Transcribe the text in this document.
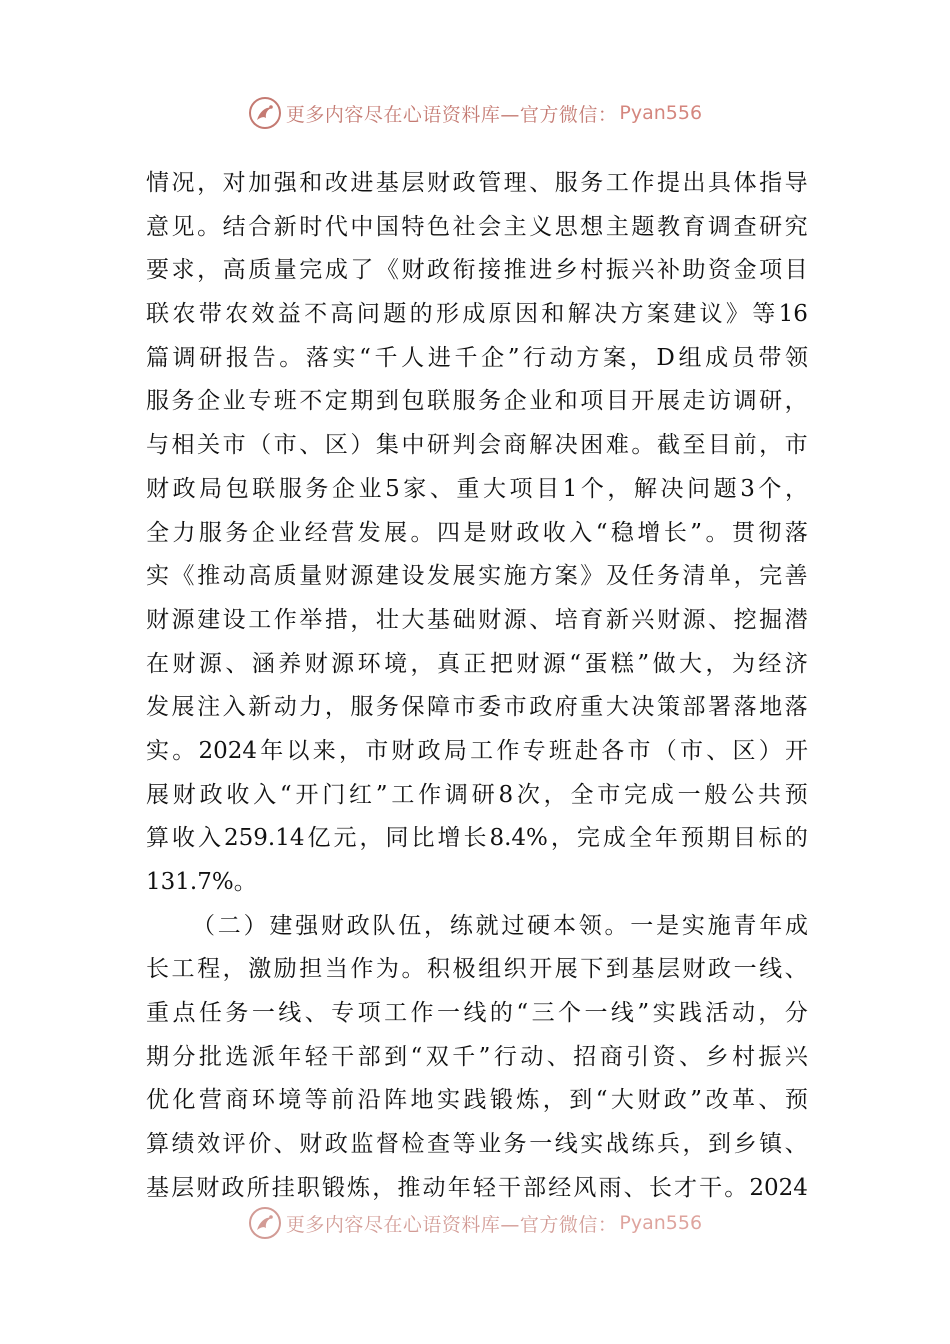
更多内容尽在心语资料库—官方微信： Pyan556
情 况 ， 对 加 强 和 改 进 基 层 财 政 管 理 、 服 务 工 作 提 出 具 体 指 导
意 见 。 结 合 新 时 代 中 国 特 色 社 会 主 义 思 想 主 题 教 育 调 查 研 究
要 求 ， 高 质 量 完 成 了 《 财 政 衔 接 推 进 乡 村 振 兴 补 助 资 金 项 目
联 农 带 农 效 益 不 高 问 题 的 形 成 原 因 和 解 决 方 案 建 议 》 等 16
篇 调 研 报 告 。 落 实 “ 千 人 进 千 企 ” 行 动 方 案 ， D 组 成 员 带 领
服 务 企 业 专 班 不 定 期 到 包 联 服 务 企 业 和 项 目 开 展 走 访 调 研 ，
与 相 关 市 （ 市 、 区 ） 集 中 研 判 会 商 解 决 困 难 。 截 至 目 前 ， 市
财 政 局 包 联 服 务 企 业 5 家 、 重 大 项 目 1 个 ， 解 决 问 题 3 个 ，
全 力 服 务 企 业 经 营 发 展 。 四 是 财 政 收 入 “ 稳 增 长 ” 。 贯 彻 落
实 《 推 动 高 质 量 财 源 建 设 发 展 实 施 方 案 》 及 任 务 清 单 ， 完 善
财 源 建 设 工 作 举 措 ， 壮 大 基 础 财 源 、 培 育 新 兴 财 源 、 挖 掘 潜
在 财 源 、 涵 养 财 源 环 境 ， 真 正 把 财 源 “ 蛋 糕 ” 做 大 ， 为 经 济
发 展 注 入 新 动 力 ， 服 务 保 障 市 委 市 政 府 重 大 决 策 部 署 落 地 落
实 。 2024 年 以 来 ， 市 财 政 局 工 作 专 班 赴 各 市 （ 市 、 区 ） 开
展 财 政 收 入 “ 开 门 红 ” 工 作 调 研 8 次 ， 全 市 完 成 一 般 公 共 预
算 收 入 259.14 亿 元 ， 同 比 增 长 8.4% ， 完 成 全 年 预 期 目 标 的
131.7%。
（ 二 ） 建 强 财 政 队 伍 ， 练 就 过 硬 本 领 。 一 是 实 施 青 年 成
长 工 程 ， 激 励 担 当 作 为 。 积 极 组 织 开 展 下 到 基 层 财 政 一 线 、
重 点 任 务 一 线 、 专 项 工 作 一 线 的 “ 三 个 一 线 ” 实 践 活 动 ， 分
期 分 批 选 派 年 轻 干 部 到 “ 双 千 ” 行 动 、 招 商 引 资 、 乡 村 振 兴
优 化 营 商 环 境 等 前 沿 阵 地 实 践 锻 炼 ， 到 “ 大 财 政 ” 改 革 、 预
算 绩 效 评 价 、 财 政 监 督 检 查 等 业 务 一 线 实 战 练 兵 ， 到 乡 镇 、
基 层 财 政 所 挂 职 锻 炼 ， 推 动 年 轻 干 部 经 风 雨 、 长 才 干 。 2024
更多内容尽在心语资料库—官方微信： Pyan556
